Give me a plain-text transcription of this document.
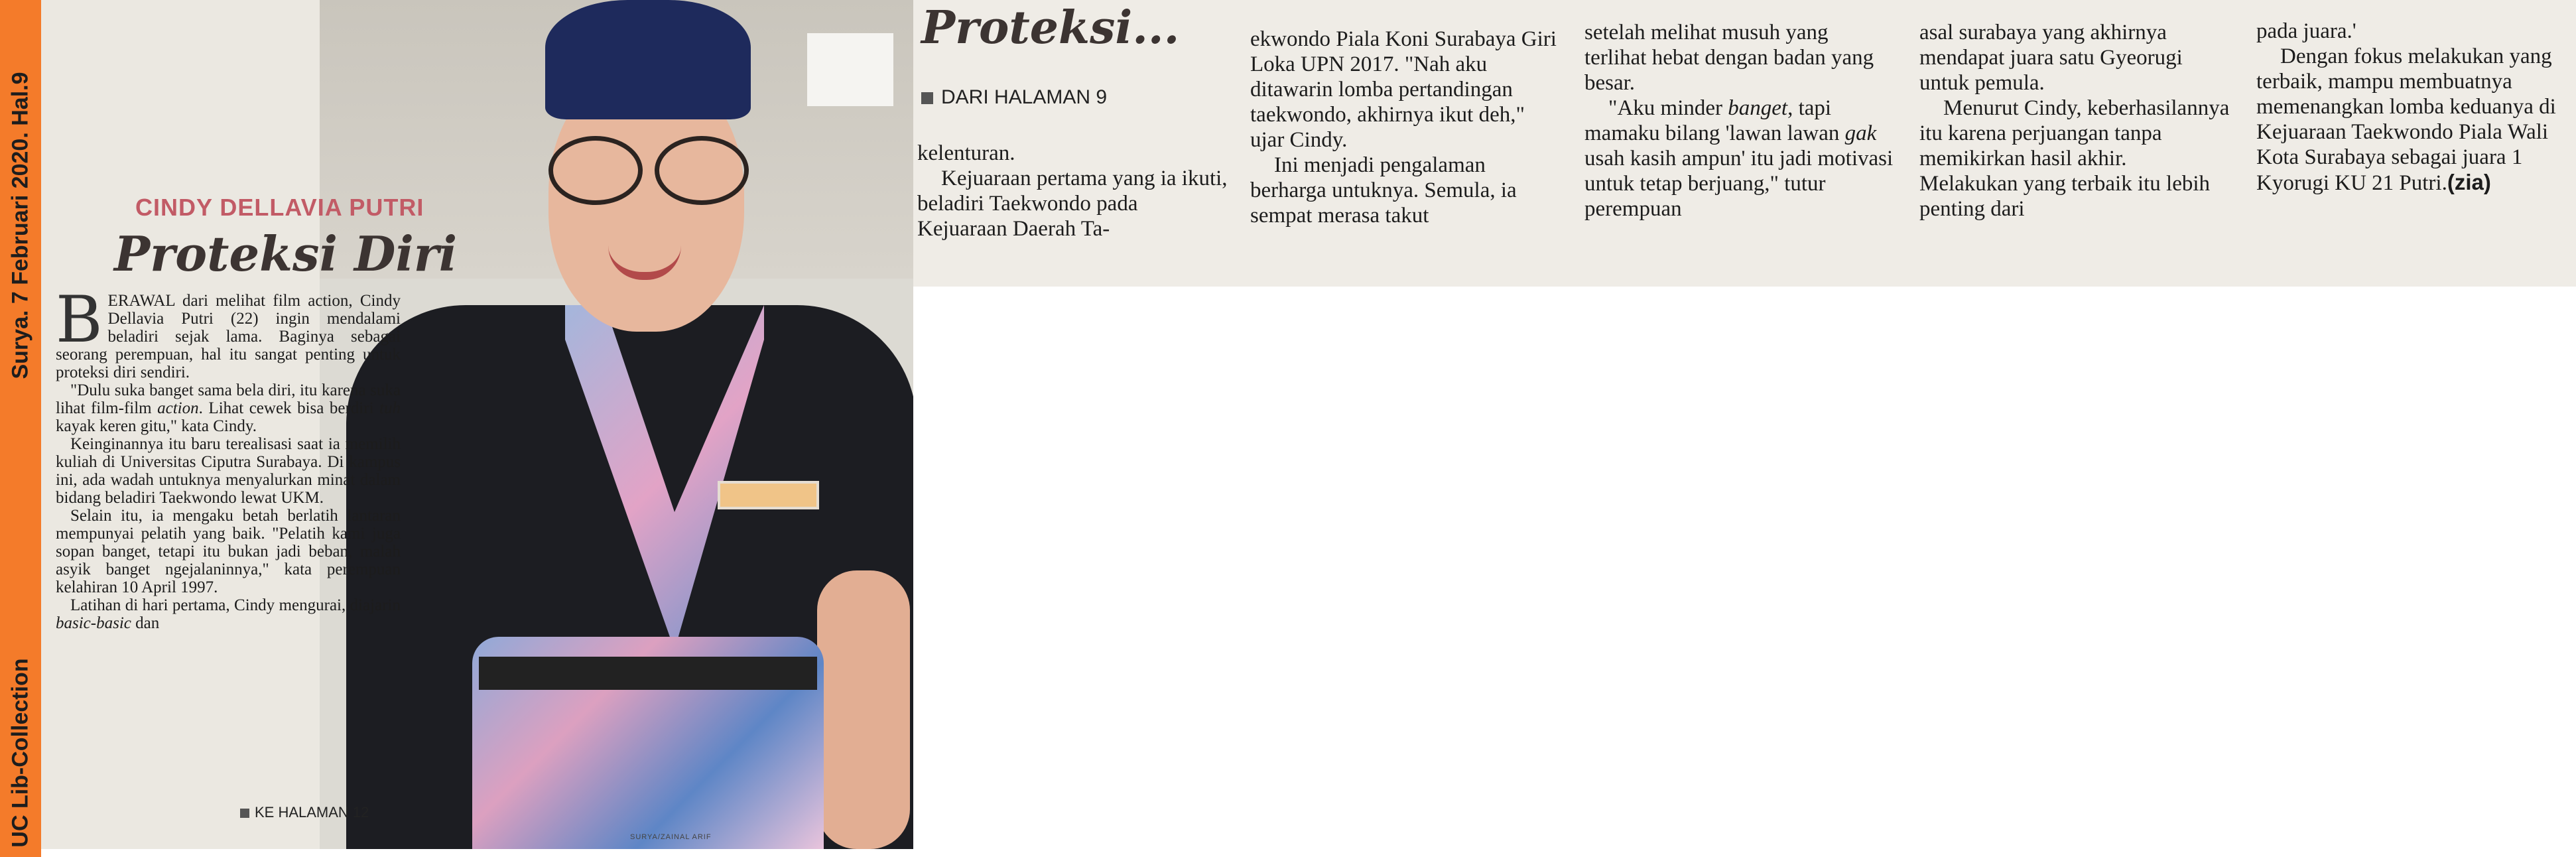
Surya. 7 Februari 2020. Hal.9
UC Lib-Collection	SURYA/ZAINAL ARIF
CINDY DELLAVIA PUTRI
Proteksi Diri

BERAWAL dari melihat film action, Cindy Dellavia Putri (22) ingin mendalami beladiri sejak lama. Baginya sebagai seorang perempuan, hal itu sangat penting untuk proteksi diri sendiri.

"Dulu suka banget sama bela diri, itu karena suka lihat film-film action. Lihat cewek bisa berdiri tuh kayak keren gitu," kata Cindy.

Keinginannya itu baru terealisasi saat ia memilih kuliah di Universitas Ciputra Surabaya. Di kampus ini, ada wadah untuknya menyalurkan minat dalam bidang beladiri Taekwondo lewat UKM.

Selain itu, ia mengaku betah berlatih lantaran mempunyai pelatih yang baik. "Pelatih kami juga sopan banget, tetapi itu bukan jadi beban, malah asyik banget ngejalaninnya," kata perempuan kelahiran 10 April 1997.

Latihan di hari pertama, Cindy mengurai, diajarin basic-basic dan

KE HALAMAN 12
Proteksi...
DARI HALAMAN 9

kelenturan.

Kejuaraan pertama yang ia ikuti, beladiri Taekwondo pada Kejuaraan Daerah Ta-

ekwondo Piala Koni Surabaya Giri Loka UPN 2017. "Nah aku ditawarin lomba pertandingan taekwondo, akhirnya ikut deh," ujar Cindy.

Ini menjadi pengalaman berharga untuknya. Semula, ia sempat merasa takut

setelah melihat musuh yang terlihat hebat dengan badan yang besar.

"Aku minder banget, tapi mamaku bilang 'lawan lawan gak usah kasih ampun' itu jadi motivasi untuk tetap berjuang," tutur perempuan

asal surabaya yang akhirnya mendapat juara satu Gyeorugi untuk pemula.

Menurut Cindy, keberhasilannya itu karena perjuangan tanpa memikirkan hasil akhir. Melakukan yang terbaik itu lebih penting dari

pada juara.'

Dengan fokus melakukan yang terbaik, mampu membuatnya memenangkan lomba keduanya di Kejuaraan Taekwondo Piala Wali Kota Surabaya sebagai juara 1 Kyorugi KU 21 Putri.(zia)
